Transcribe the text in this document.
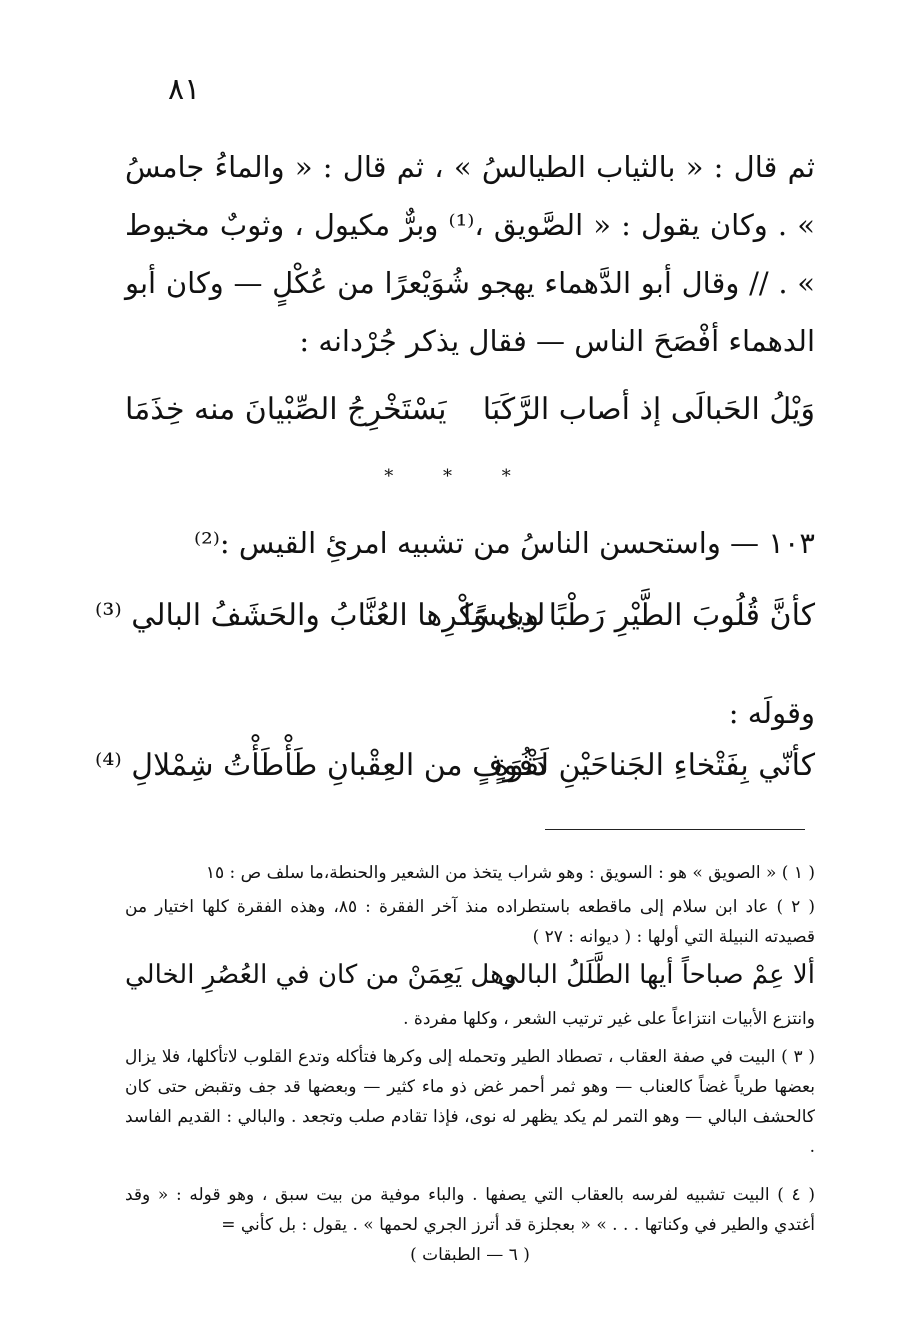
٨١
ثم قال : « بالثياب الطيالسُ » ، ثم قال : « والماءُ جامسُ » . وكان يقول : « الصَّويق ،⁽¹⁾ وبرٌّ مكيول ، وثوبٌ مخيوط » . // وقال أبو الدَّهماء يهجو شُوَيْعرًا من عُكْلٍ — وكان أبو الدهماء أفْصَحَ الناس — فقال يذكر جُرْدانه :
وَيْلُ الحَبالَى إذ أصاب الرَّكَبَا
يَسْتَخْرِجُ الصِّبْيانَ منه خِذَمَا
* * *
١٠٣ — واستحسن الناسُ من تشبيه امرئِ القيس :⁽²⁾
كأنَّ قُلُوبَ الطَّيْرِ رَطْبًا ويابسًا
لدى وَكْرِها العُنَّابُ والحَشَفُ البالي ⁽³⁾
وقولَه :
كأنّي بِفَتْخاءِ الجَناحَيْنِ لَقْوَةٍ
دَفُوفٍ من العِقْبانِ طَأْطَأْتُ شِمْلالِ ⁽⁴⁾
( ١ ) « الصويق » هو : السويق : وهو شراب يتخذ من الشعير والحنطة،ما سلف ص : ١٥
( ٢ ) عاد ابن سلام إلى ماقطعه باستطراده منذ آخر الفقرة : ٨٥، وهذه الفقرة كلها اختيار من قصيدته النبيلة التي أولها : ( ديوانه : ٢٧ )
ألا عِمْ صباحاً أيها الطَّلَلُ البالي
وهل يَعِمَنْ من كان في العُصُرِ الخالي
وانتزع الأبيات انتزاعاً على غير ترتيب الشعر ، وكلها مفردة .
( ٣ ) البيت في صفة العقاب ، تصطاد الطير وتحمله إلى وكرها فتأكله وتدع القلوب لاتأكلها، فلا يزال بعضها طرياً غضاً كالعناب — وهو ثمر أحمر غض ذو ماء كثير — وبعضها قد جف وتقبض حتى كان كالحشف البالي — وهو التمر لم يكد يظهر له نوى، فإذا تقادم صلب وتجعد . والبالي : القديم الفاسد .
( ٤ ) البيت تشبيه لفرسه بالعقاب التي يصفها . والباء موفية من بيت سبق ، وهو قوله : « وقد أغتدي والطير في وكناتها . . . » « بعجلزة قد أترز الجري لحمها » . يقول : بل كأني =
( ٦ — الطبقات )
